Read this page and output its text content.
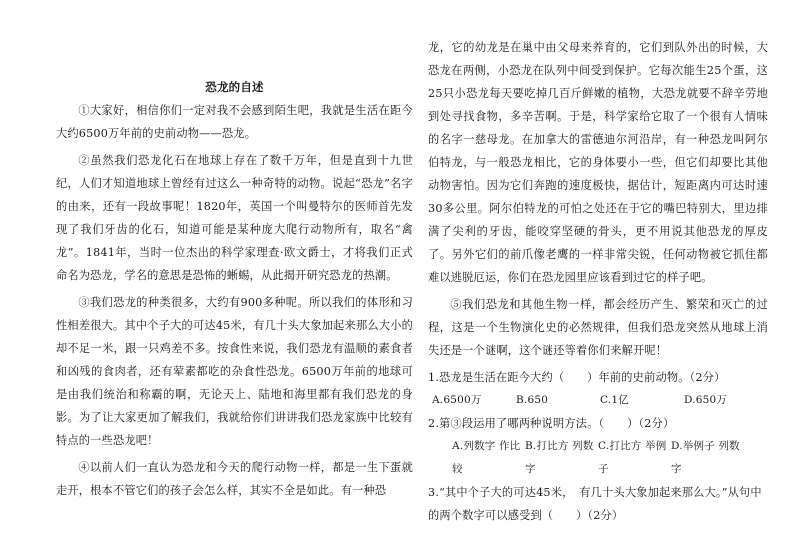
恐龙的自述

①大家好，相信你们一定对我不会感到陌生吧，我就是生活在距今大约6500万年前的史前动物——恐龙。

②虽然我们恐龙化石在地球上存在了数千万年，但是直到十九世纪，人们才知道地球上曾经有过这么一种奇特的动物。说起“恐龙”名字的由来，还有一段故事呢！1820年，英国一个叫曼特尔的医师首先发现了我们牙齿的化石，知道可能是某种庞大爬行动物所有，取名“禽龙”。1841年，当时一位杰出的科学家理查·欧文爵士，才将我们正式命名为恐龙，学名的意思是恐怖的蜥蜴，从此揭开研究恐龙的热潮。

③我们恐龙的种类很多，大约有900多种呢。所以我们的体形和习性相差很大。其中个子大的可达45米，有几十头大象加起来那么大小的却不足一米，跟一只鸡差不多。按食性来说，我们恐龙有温顺的素食者和凶残的食肉者，还有荤素都吃的杂食性恐龙。6500万年前的地球可是由我们统治和称霸的啊，无论天上、陆地和海里都有我们恐龙的身影。为了让大家更加了解我们，我就给你们讲讲我们恐龙家族中比较有特点的一些恐龙吧！

④以前人们一直认为恐龙和今天的爬行动物一样，都是一生下蛋就走开，根本不管它们的孩子会怎么样，其实不全是如此。有一种恐

龙，它的幼龙是在巢中由父母来养育的，它们到队外出的时候，大恐龙在两侧，小恐龙在队列中间受到保护。它每次能生25个蛋，这25只小恐龙每天要吃掉几百斤鲜嫩的植物，大恐龙就要不辞辛劳地到处寻找食物，多辛苦啊。于是，科学家给它取了一个很有人情味的名字一慈母龙。在加拿大的雷德迪尔河沿岸，有一种恐龙叫阿尔伯特龙，与一般恐龙相比，它的身体要小一些，但它们却要比其他动物害怕。因为它们奔跑的速度极快，据估计，短距离内可达时速30多公里。阿尔伯特龙的可怕之处还在于它的嘴巴特别大，里边排满了尖利的牙齿，能咬穿坚硬的骨头，更不用说其他恐龙的厚皮了。另外它们的前爪像老鹰的一样非常尖锐，任何动物被它抓住都难以逃脱厄运，你们在恐龙园里应该看到过它的样子吧。

⑤我们恐龙和其他生物一样，都会经历产生、繁荣和灭亡的过程，这是一个生物演化史的必然规律，但我们恐龙突然从地球上消失还是一个谜啊，这个谜还等着你们来解开呢！

1.恐龙是生活在距今大约（　　）年前的史前动物。（2分）

A.6500万	B.650	C.1亿	D.650万

2.第③段运用了哪两种说明方法。（　　）（2分）

A.列数字 作比较
B.打比方 列数字
C.打比方 举例子
D.举例子 列数字

3.“其中个子大的可达45米，　有几十头大象加起来那么大。”从句中的两个数字可以感受到（　　）（2分）
